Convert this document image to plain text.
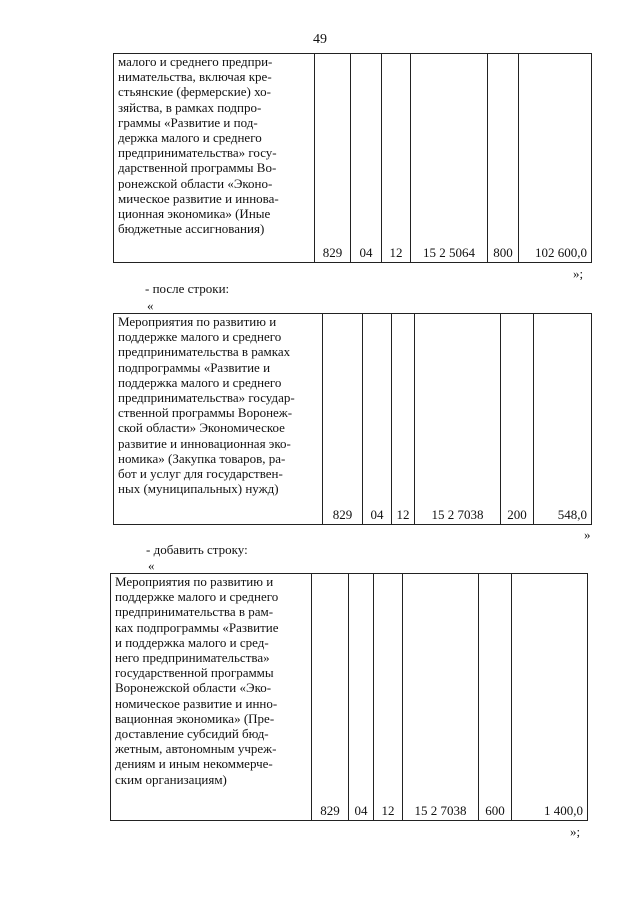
49
малого и среднего предпри-
нимательства, включая кре-
стьянские (фермерские) хо-
зяйства, в рамках подпро-
граммы «Развитие и под-
держка малого и среднего
предпринимательства» госу-
дарственной программы Во-
ронежской области «Эконо-
мическое развитие и иннова-
ционная экономика» (Иные
бюджетные ассигнования)
	829	04	12	15 2 5064	800	102 600,0
»;
- после строки:
«
Мероприятия по развитию и
поддержке малого и среднего
предпринимательства в рамках
подпрограммы «Развитие и
поддержка малого и среднего
предпринимательства» государ-
ственной программы Воронеж-
ской области» Экономическое
развитие и инновационная эко-
номика» (Закупка товаров, ра-
бот и услуг для государствен-
ных (муниципальных) нужд)
	829	04	12	15 2 7038	200	548,0
»
- добавить строку:
«
Мероприятия по развитию и
поддержке малого и среднего
предпринимательства в рам-
ках подпрограммы «Развитие
и поддержка малого и сред-
него предпринимательства»
государственной программы
Воронежской области «Эко-
номическое развитие и инно-
вационная экономика» (Пре-
доставление субсидий бюд-
жетным, автономным учреж-
дениям и иным некоммерче-
ским организациям)
	829	04	12	15 2 7038	600	1 400,0
»;
